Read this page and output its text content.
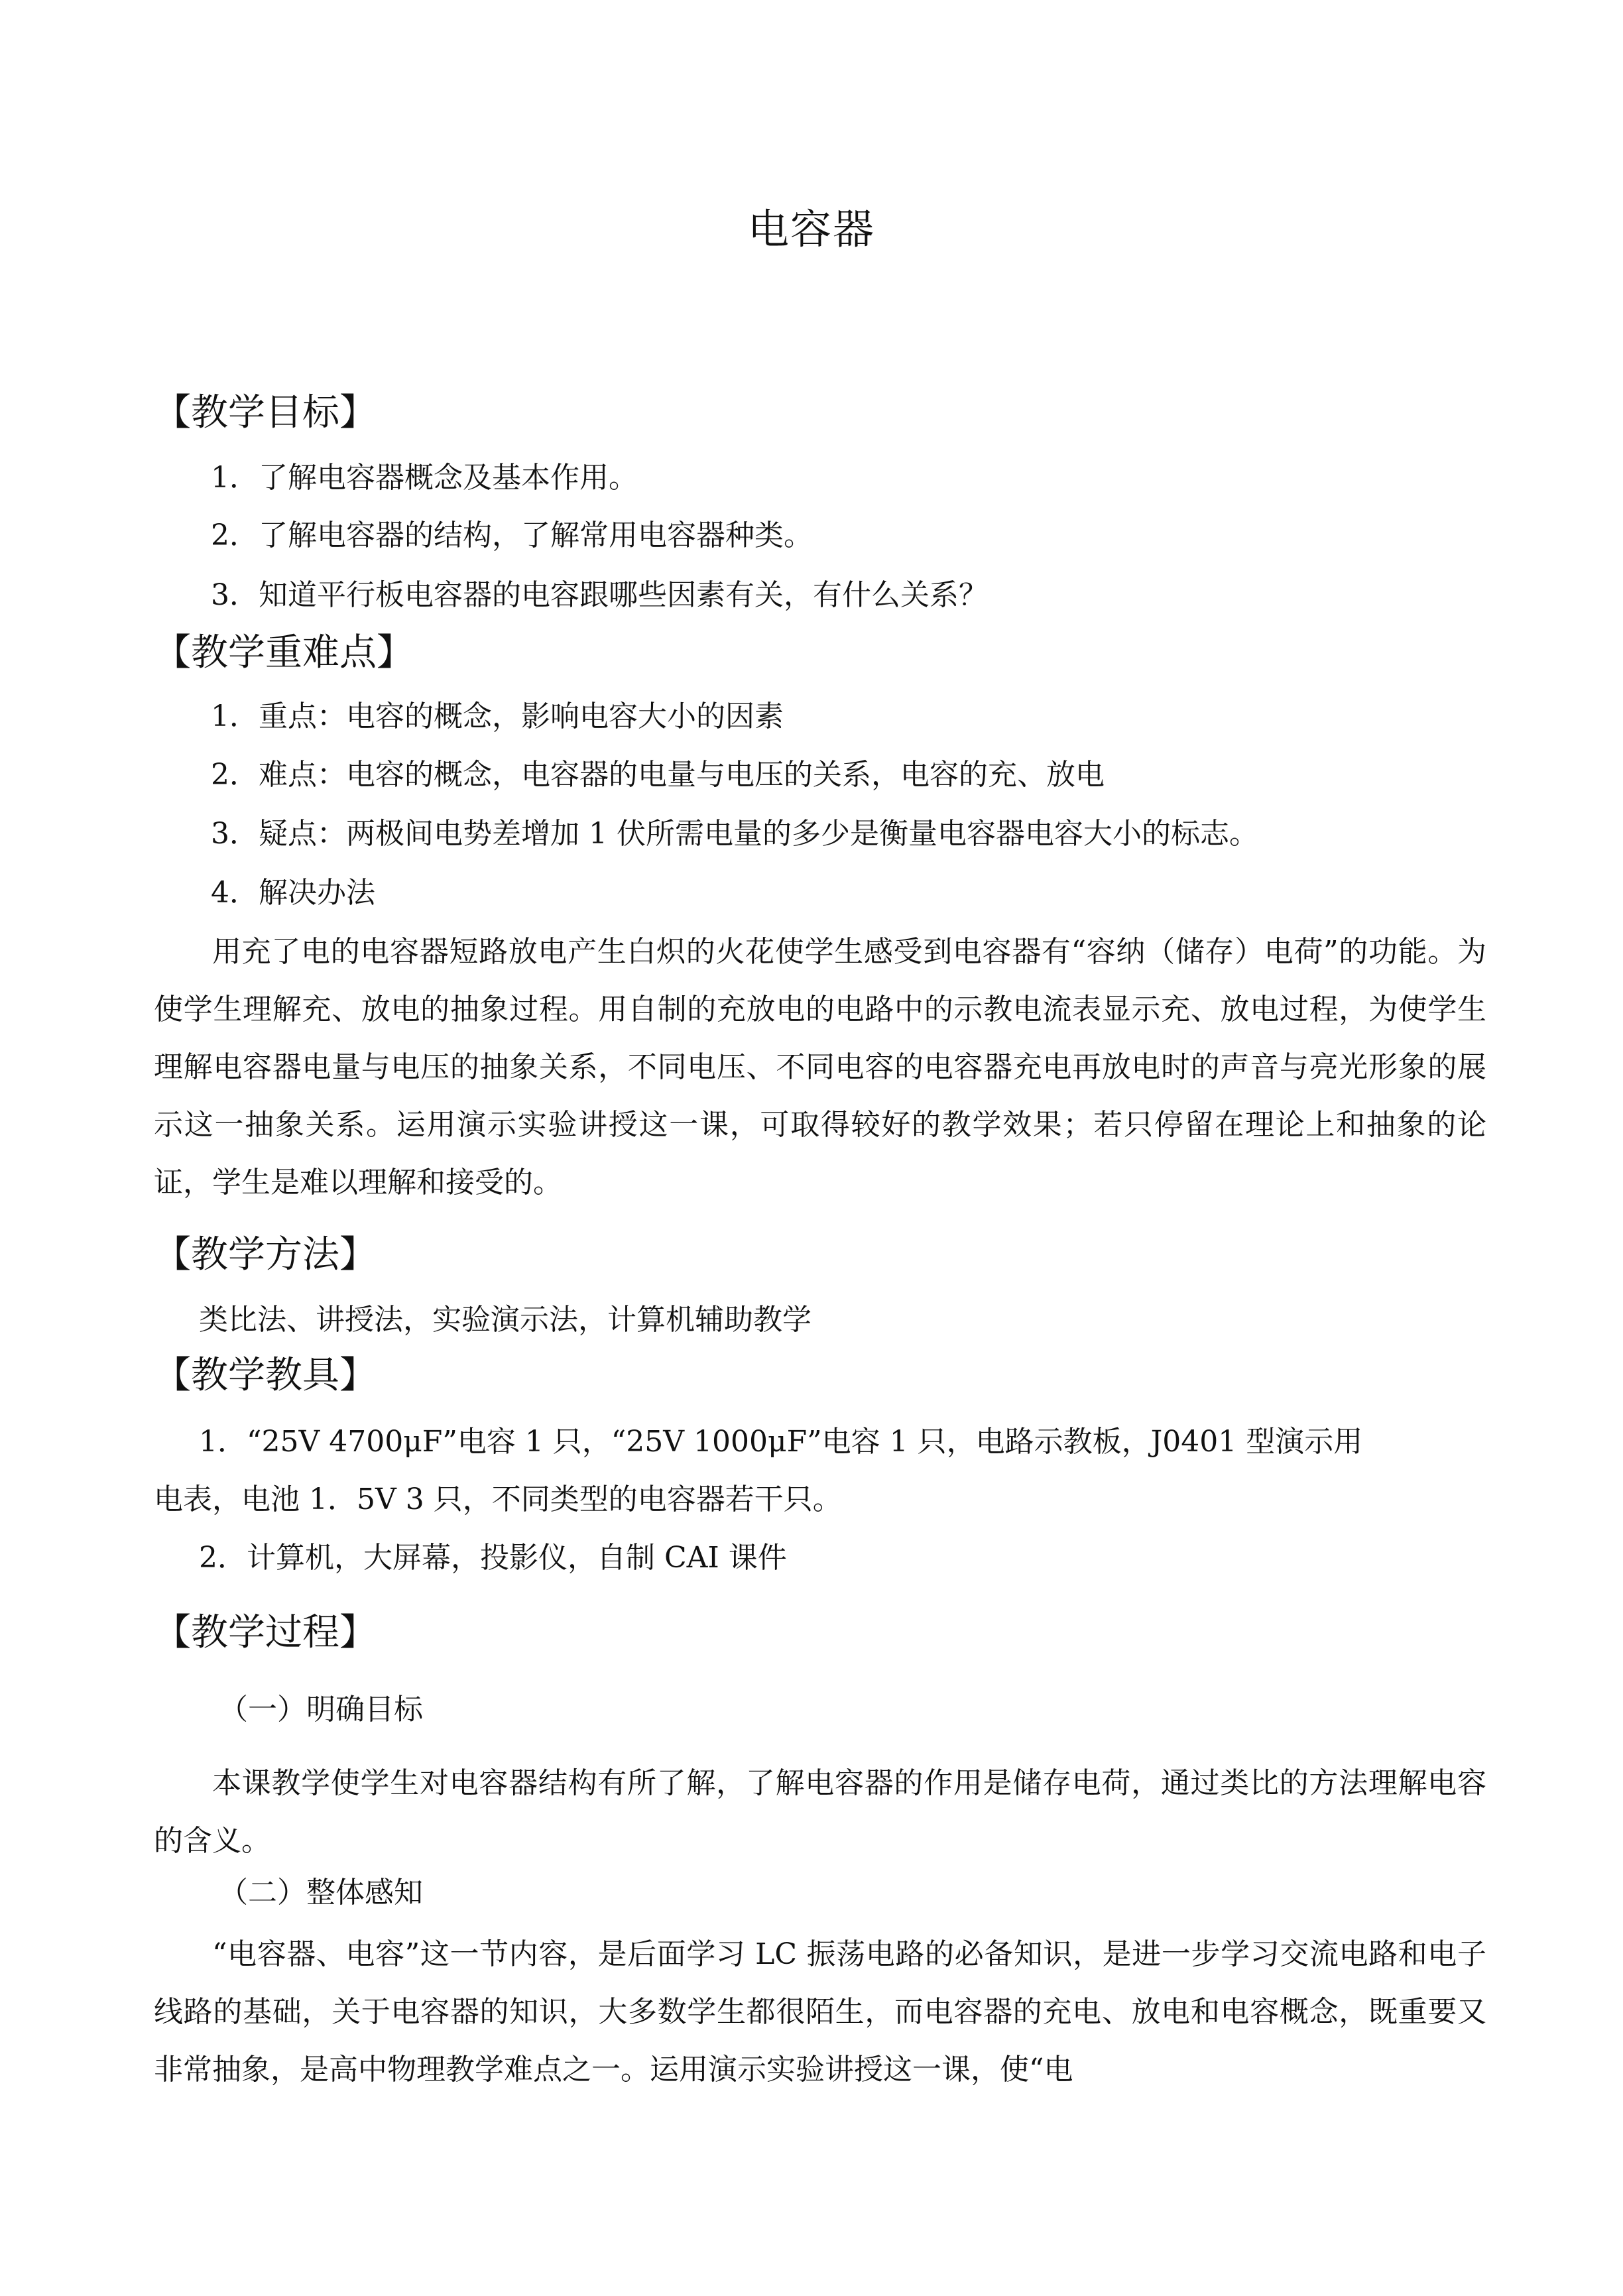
电容器
【教学目标】
1．了解电容器概念及基本作用。
2．了解电容器的结构，了解常用电容器种类。
3．知道平行板电容器的电容跟哪些因素有关，有什么关系？
【教学重难点】
1．重点：电容的概念，影响电容大小的因素
2．难点：电容的概念，电容器的电量与电压的关系，电容的充、放电
3．疑点：两极间电势差增加 1 伏所需电量的多少是衡量电容器电容大小的标志。
4．解决办法
用充了电的电容器短路放电产生白炽的火花使学生感受到电容器有“容纳（储存）电荷”的功能。为使学生理解充、放电的抽象过程。用自制的充放电的电路中的示教电流表显示充、放电过程，为使学生理解电容器电量与电压的抽象关系，不同电压、不同电容的电容器充电再放电时的声音与亮光形象的展示这一抽象关系。运用演示实验讲授这一课，可取得较好的教学效果；若只停留在理论上和抽象的论证，学生是难以理解和接受的。
【教学方法】
类比法、讲授法，实验演示法，计算机辅助教学
【教学教具】
1．“25V 4700μF”电容 1 只，“25V 1000μF”电容 1 只，电路示教板，J0401 型演示用
电表，电池 1．5V 3 只，不同类型的电容器若干只。
2．计算机，大屏幕，投影仪，自制 CAI 课件
【教学过程】
（一）明确目标
本课教学使学生对电容器结构有所了解，了解电容器的作用是储存电荷，通过类比的方法理解电容的含义。
（二）整体感知
“电容器、电容”这一节内容，是后面学习 LC 振荡电路的必备知识，是进一步学习交流电路和电子线路的基础，关于电容器的知识，大多数学生都很陌生，而电容器的充电、放电和电容概念，既重要又非常抽象，是高中物理教学难点之一。运用演示实验讲授这一课，使“电
